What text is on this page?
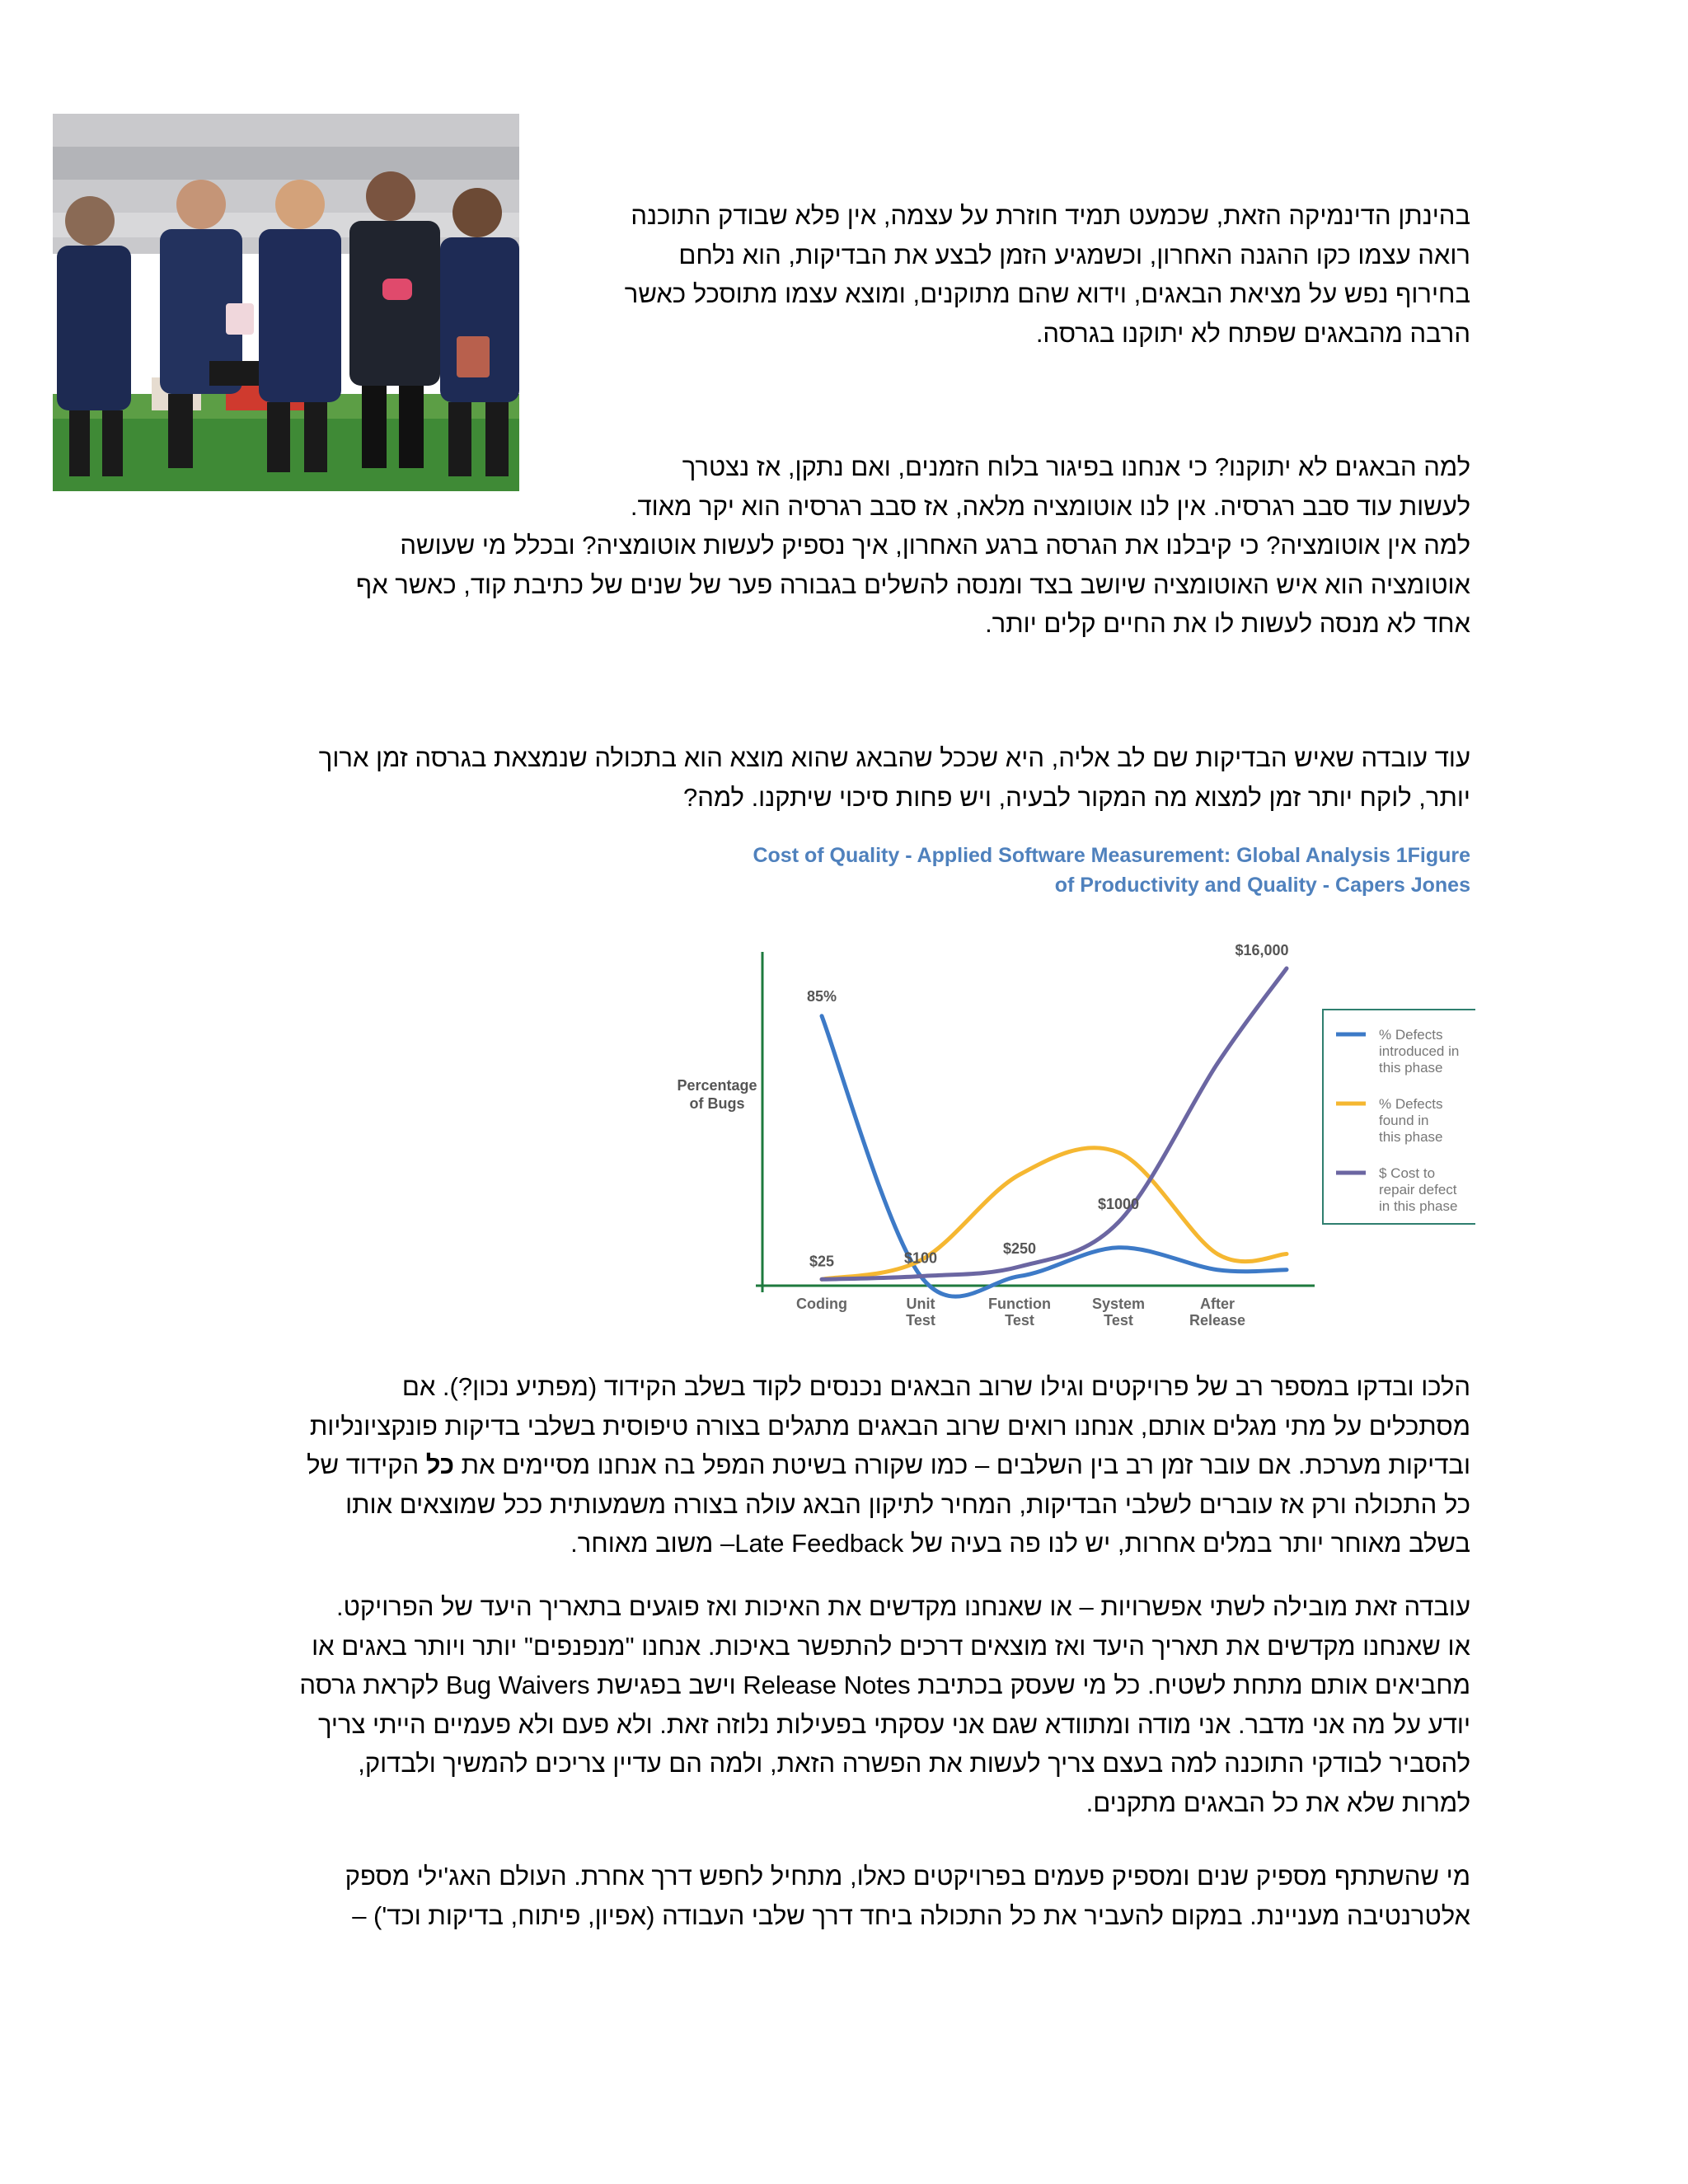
בהינתן הדינמיקה הזאת, שכמעט תמיד חוזרת על עצמה, אין פלא שבודק התוכנה
רואה עצמו כקו ההגנה האחרון, וכשמגיע הזמן לבצע את הבדיקות, הוא נלחם
בחירוף נפש על מציאת הבאגים, וידוא שהם מתוקנים, ומוצא עצמו מתוסכל כאשר
הרבה מהבאגים שפתח לא יתוקנו בגרסה.
למה הבאגים לא יתוקנו? כי אנחנו בפיגור בלוח הזמנים, ואם נתקן, אז נצטרך
לעשות עוד סבב רגרסיה. אין לנו אוטומציה מלאה, אז סבב רגרסיה הוא יקר מאוד.
למה אין אוטומציה? כי קיבלנו את הגרסה ברגע האחרון, איך נספיק לעשות אוטומציה? ובכלל מי שעושה
אוטומציה הוא איש האוטומציה שיושב בצד ומנסה להשלים בגבורה פער של שנים של כתיבת קוד, כאשר אף
אחד לא מנסה לעשות לו את החיים קלים יותר.
עוד עובדה שאיש הבדיקות שם לב אליה, היא שככל שהבאג שהוא מוצא הוא בתכולה שנמצאת בגרסה זמן ארוך
יותר, לוקח יותר זמן למצוא מה המקור לבעיה, ויש פחות סיכוי שיתקנו. למה?
Cost of Quality - Applied Software Measurement: Global Analysis 1Figure
of Productivity and Quality - Capers Jones
Percentage
of Bugs
Coding	Unit
Test
Function
Test
System
Test
After
Release
$25	$100
$250
$1000
$16,000
85%
% Defects
introduced in
this phase
% Defects
found in
this phase
$ Cost to
repair defect
in this phase
הלכו ובדקו במספר רב של פרויקטים וגילו שרוב הבאגים נכנסים לקוד בשלב הקידוד (מפתיע נכון?). אם
מסתכלים על מתי מגלים אותם, אנחנו רואים שרוב הבאגים מתגלים בצורה טיפוסית בשלבי בדיקות פונקציונליות
ובדיקות מערכת. אם עובר זמן רב בין השלבים – כמו שקורה בשיטת המפל בה אנחנו מסיימים את כל הקידוד של
כל התכולה ורק אז עוברים לשלבי הבדיקות, המחיר לתיקון הבאג עולה בצורה משמעותית ככל שמוצאים אותו
בשלב מאוחר יותר במלים אחרות, יש לנו פה בעיה של Late Feedback– משוב מאוחר.
עובדה זאת מובילה לשתי אפשרויות – או שאנחנו מקדשים את האיכות ואז פוגעים בתאריך היעד של הפרויקט.
או שאנחנו מקדשים את תאריך היעד ואז מוצאים דרכים להתפשר באיכות. אנחנו "מנפנפים" יותר ויותר באגים או
מחביאים אותם מתחת לשטיח. כל מי שעסק בכתיבת Release Notes וישב בפגישת Bug Waivers לקראת גרסה
יודע על מה אני מדבר. אני מודה ומתוודא שגם אני עסקתי בפעילות נלוזה זאת. ולא פעם ולא פעמיים הייתי צריך
להסביר לבודקי התוכנה למה בעצם צריך לעשות את הפשרה הזאת, ולמה הם עדיין צריכים להמשיך ולבדוק,
למרות שלא את כל הבאגים מתקנים.
מי שהשתתף מספיק שנים ומספיק פעמים בפרויקטים כאלו, מתחיל לחפש דרך אחרת. העולם האג'ילי מספק
אלטרנטיבה מעניינת. במקום להעביר את כל התכולה ביחד דרך שלבי העבודה (אפיון, פיתוח, בדיקות וכד') –
